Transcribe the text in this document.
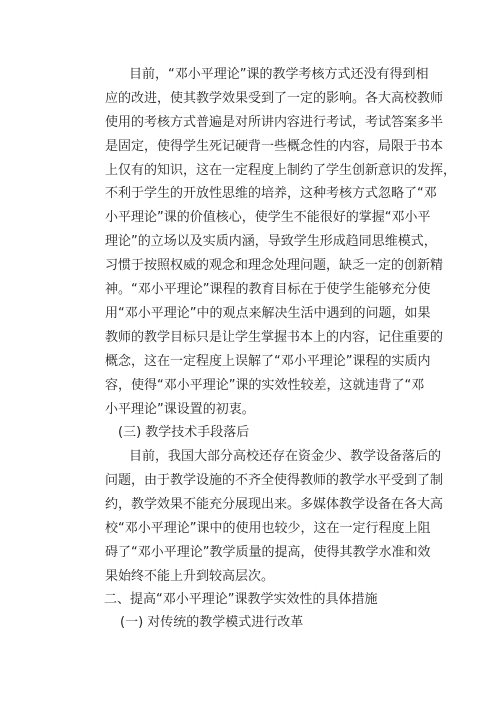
目前，“邓小平理论”课的教学考核方式还没有得到相
应的改进，使其教学效果受到了一定的影响。各大高校教师
使用的考核方式普遍是对所讲内容进行考试，考试答案多半
是固定，使得学生死记硬背一些概念性的内容，局限于书本
上仅有的知识，这在一定程度上制约了学生创新意识的发挥，
不利于学生的开放性思维的培养，这种考核方式忽略了“邓
小平理论”课的价值核心，使学生不能很好的掌握“邓小平
理论”的立场以及实质内涵，导致学生形成趋同思维模式，
习惯于按照权威的观念和理念处理问题，缺乏一定的创新精
神。“邓小平理论”课程的教育目标在于使学生能够充分使
用“邓小平理论”中的观点来解决生活中遇到的问题，如果
教师的教学目标只是让学生掌握书本上的内容，记住重要的
概念，这在一定程度上误解了“邓小平理论”课程的实质内
容，使得“邓小平理论”课的实效性较差，这就违背了“邓
小平理论”课设置的初衷。
(三) 教学技术手段落后
目前，我国大部分高校还存在资金少、教学设备落后的
问题，由于教学设施的不齐全使得教师的教学水平受到了制
约，教学效果不能充分展现出来。多媒体教学设备在各大高
校“邓小平理论”课中的使用也较少，这在一定行程度上阻
碍了“邓小平理论”教学质量的提高，使得其教学水准和效
果始终不能上升到较高层次。
二、提高“邓小平理论”课教学实效性的具体措施
(一) 对传统的教学模式进行改革
